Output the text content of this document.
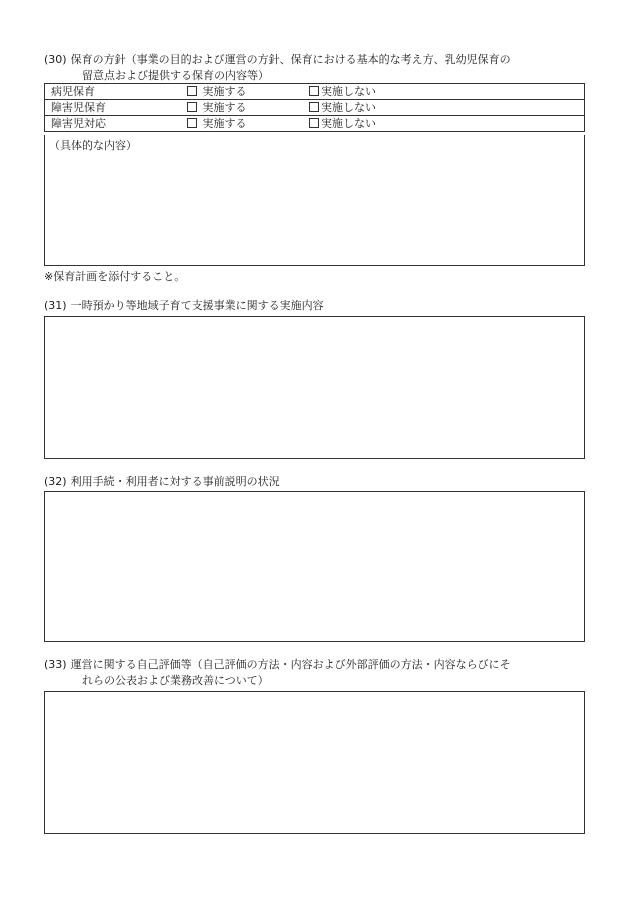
(30) 保育の方針（事業の目的および運営の方針、保育における基本的な考え方、乳幼児保育の
留意点および提供する保育の内容等）
病児保育	実施する	実施しない
障害児保育	実施する	実施しない
障害児対応	実施する	実施しない
（具体的な内容）
※保育計画を添付すること。
(31) 一時預かり等地域子育て支援事業に関する実施内容
(32) 利用手続・利用者に対する事前説明の状況
(33) 運営に関する自己評価等（自己評価の方法・内容および外部評価の方法・内容ならびにそ
れらの公表および業務改善について）
